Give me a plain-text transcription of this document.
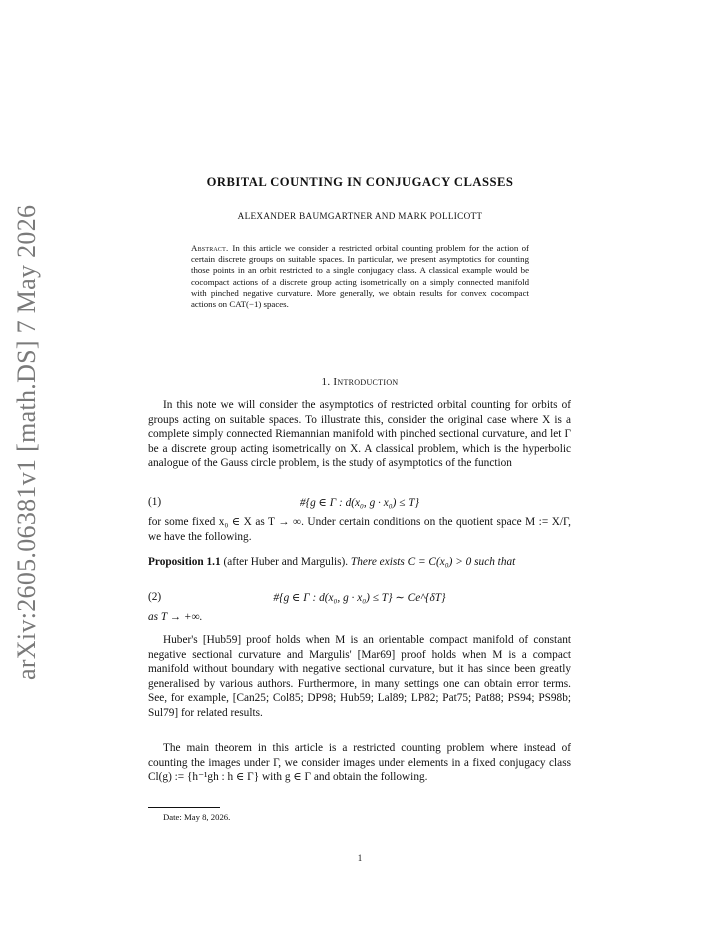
arXiv:2605.06381v1 [math.DS] 7 May 2026
ORBITAL COUNTING IN CONJUGACY CLASSES
ALEXANDER BAUMGARTNER AND MARK POLLICOTT
Abstract. In this article we consider a restricted orbital counting problem for the action of certain discrete groups on suitable spaces. In particular, we present asymptotics for counting those points in an orbit restricted to a single conjugacy class. A classical example would be cocompact actions of a discrete group acting isometrically on a simply connected manifold with pinched negative curvature. More generally, we obtain results for convex cocompact actions on CAT(−1) spaces.
1. Introduction

In this note we will consider the asymptotics of restricted orbital counting for orbits of groups acting on suitable spaces. To illustrate this, consider the original case where X is a complete simply connected Riemannian manifold with pinched sectional curvature, and let Γ be a discrete group acting isometrically on X. A classical problem, which is the hyperbolic analogue of the Gauss circle problem, is the study of asymptotics of the function

(1)	#{g ∈ Γ : d(x₀, g · x₀) ≤ T}

for some fixed x₀ ∈ X as T → ∞. Under certain conditions on the quotient space M := X/Γ, we have the following.

Proposition 1.1 (after Huber and Margulis). There exists C = C(x₀) > 0 such that

(2)	#{g ∈ Γ : d(x₀, g · x₀) ≤ T} ∼ Ce^{δT}

as T → +∞.

Huber's [Hub59] proof holds when M is an orientable compact manifold of constant negative sectional curvature and Margulis' [Mar69] proof holds when M is a compact manifold without boundary with negative sectional curvature, but it has since been greatly generalised by various authors. Furthermore, in many settings one can obtain error terms. See, for example, [Can25; Col85; DP98; Hub59; Lal89; LP82; Pat75; Pat88; PS94; PS98b; Sul79] for related results.

The main theorem in this article is a restricted counting problem where instead of counting the images under Γ, we consider images under elements in a fixed conjugacy class Cl(g) := {h⁻¹gh : h ∈ Γ} with g ∈ Γ and obtain the following.

Date: May 8, 2026.
1
